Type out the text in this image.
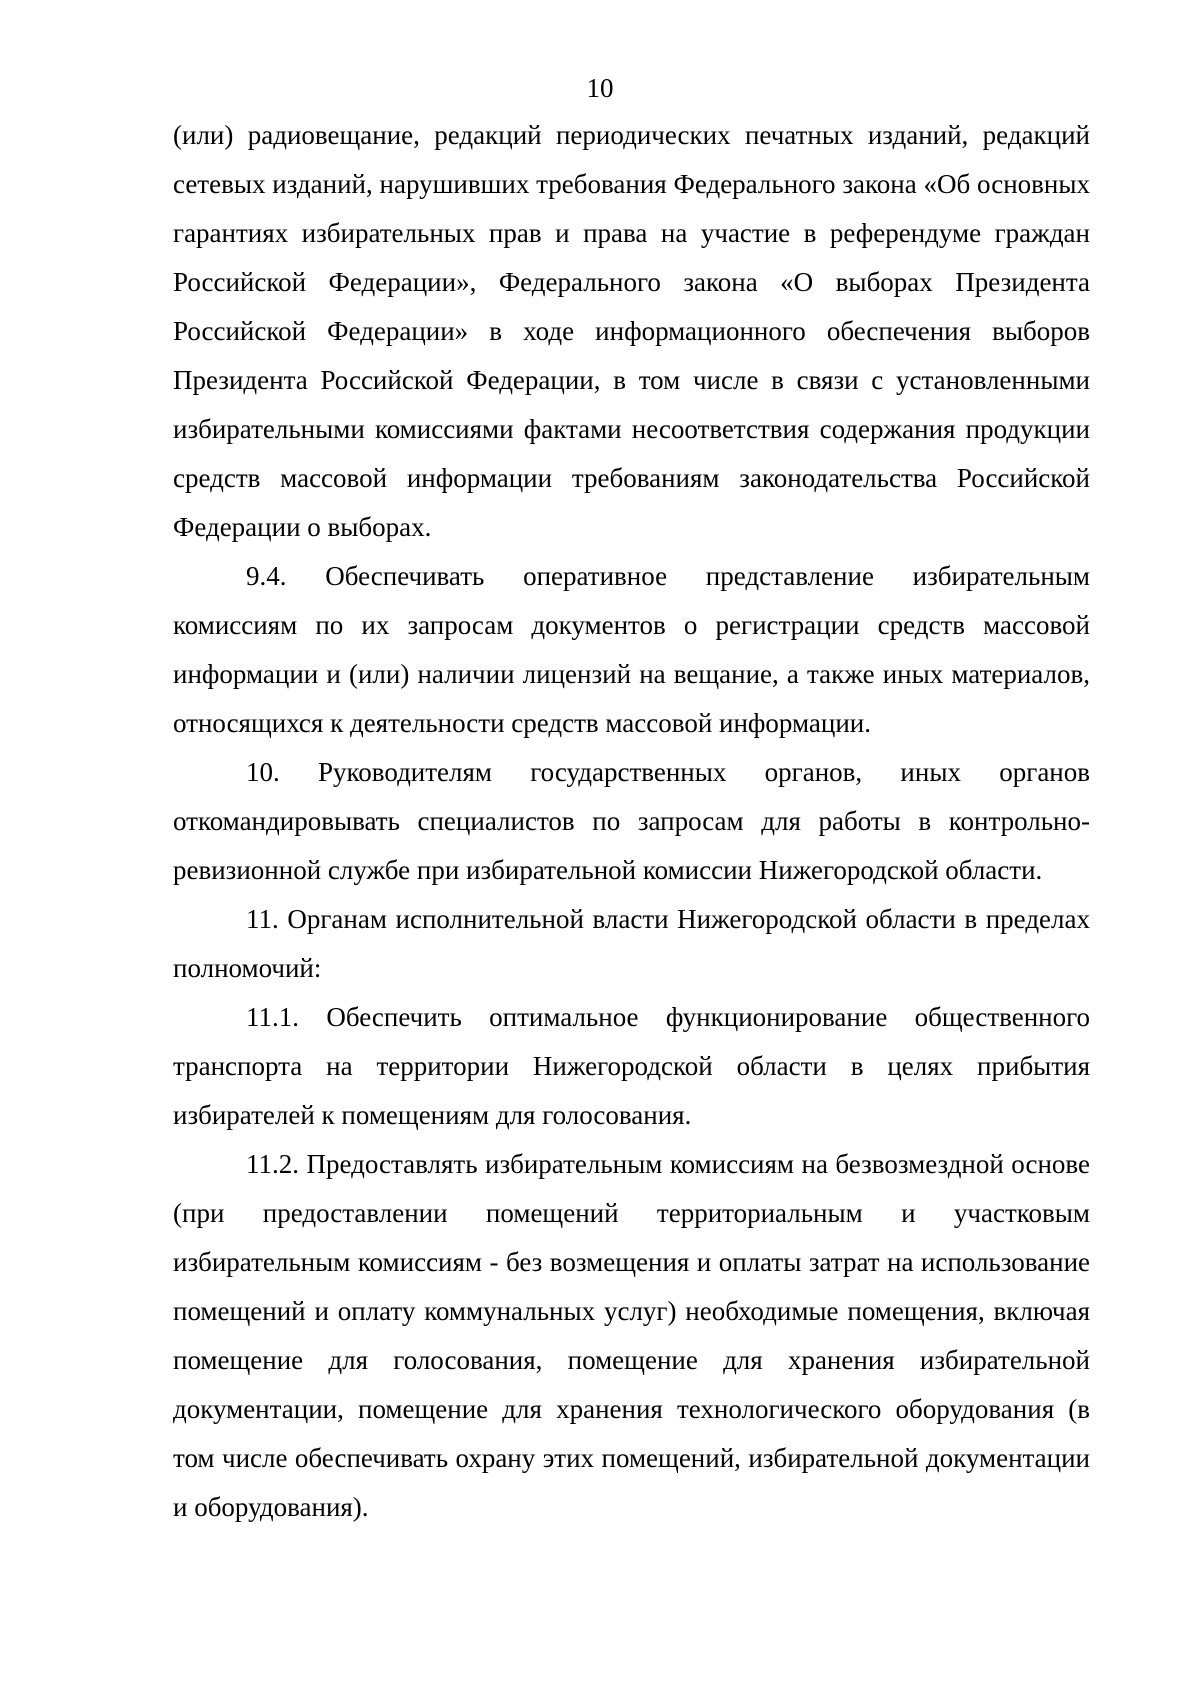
10

(или) радиовещание, редакций периодических печатных изданий, редакций сетевых изданий, нарушивших требования Федерального закона «Об основных гарантиях избирательных прав и права на участие в референдуме граждан Российской Федерации», Федерального закона «О выборах Президента Российской Федерации» в ходе информационного обеспечения выборов Президента Российской Федерации, в том числе в связи с установленными избирательными комиссиями фактами несоответствия содержания продукции средств массовой информации требованиям законодательства Российской Федерации о выборах.

9.4. Обеспечивать оперативное представление избирательным комиссиям по их запросам документов о регистрации средств массовой информации и (или) наличии лицензий на вещание, а также иных материалов, относящихся к деятельности средств массовой информации.

10. Руководителям государственных органов, иных органов откомандировывать специалистов по запросам для работы в контрольно-ревизионной службе при избирательной комиссии Нижегородской области.

11. Органам исполнительной власти Нижегородской области в пределах полномочий:

11.1. Обеспечить оптимальное функционирование общественного транспорта на территории Нижегородской области в целях прибытия избирателей к помещениям для голосования.

11.2. Предоставлять избирательным комиссиям на безвозмездной основе (при предоставлении помещений территориальным и участковым избирательным комиссиям - без возмещения и оплаты затрат на использование помещений и оплату коммунальных услуг) необходимые помещения, включая помещение для голосования, помещение для хранения избирательной документации, помещение для хранения технологического оборудования (в том числе обеспечивать охрану этих помещений, избирательной документации и оборудования).
